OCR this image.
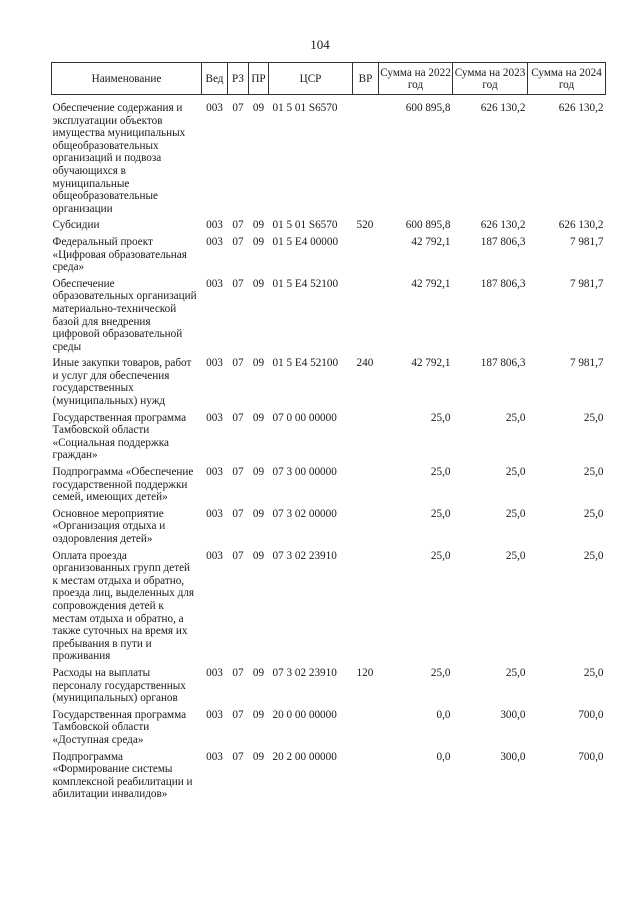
104
Наименование	Вед	РЗ	ПР	ЦСР	ВР	Сумма на 2022 год	Сумма на 2023 год	Сумма на 2024 год
Обеспечение содержания и эксплуатации объектов имущества муниципальных общеобразовательных организаций и подвоза обучающихся в муниципальные общеобразовательные организации	003	07	09	01 5 01 S6570		600 895,8	626 130,2	626 130,2
Субсидии	003	07	09	01 5 01 S6570	520	600 895,8	626 130,2	626 130,2
Федеральный проект «Цифровая образовательная среда»	003	07	09	01 5 E4 00000		42 792,1	187 806,3	7 981,7
Обеспечение образовательных организаций материально-технической базой для внедрения цифровой образовательной среды	003	07	09	01 5 E4 52100		42 792,1	187 806,3	7 981,7
Иные закупки товаров, работ и услуг для обеспечения государственных (муниципальных) нужд	003	07	09	01 5 E4 52100	240	42 792,1	187 806,3	7 981,7
Государственная программа Тамбовской области «Социальная поддержка граждан»	003	07	09	07 0 00 00000		25,0	25,0	25,0
Подпрограмма «Обеспечение государственной поддержки семей, имеющих детей»	003	07	09	07 3 00 00000		25,0	25,0	25,0
Основное мероприятие «Организация отдыха и оздоровления детей»	003	07	09	07 3 02 00000		25,0	25,0	25,0
Оплата проезда организованных групп детей к местам отдыха и обратно, проезда лиц, выделенных для сопровождения детей к местам отдыха и обратно, а также суточных на время их пребывания в пути и проживания	003	07	09	07 3 02 23910		25,0	25,0	25,0
Расходы на выплаты персоналу государственных (муниципальных) органов	003	07	09	07 3 02 23910	120	25,0	25,0	25,0
Государственная программа Тамбовской области «Доступная среда»	003	07	09	20 0 00 00000		0,0	300,0	700,0
Подпрограмма «Формирование системы комплексной реабилитации и абилитации инвалидов»	003	07	09	20 2 00 00000		0,0	300,0	700,0
